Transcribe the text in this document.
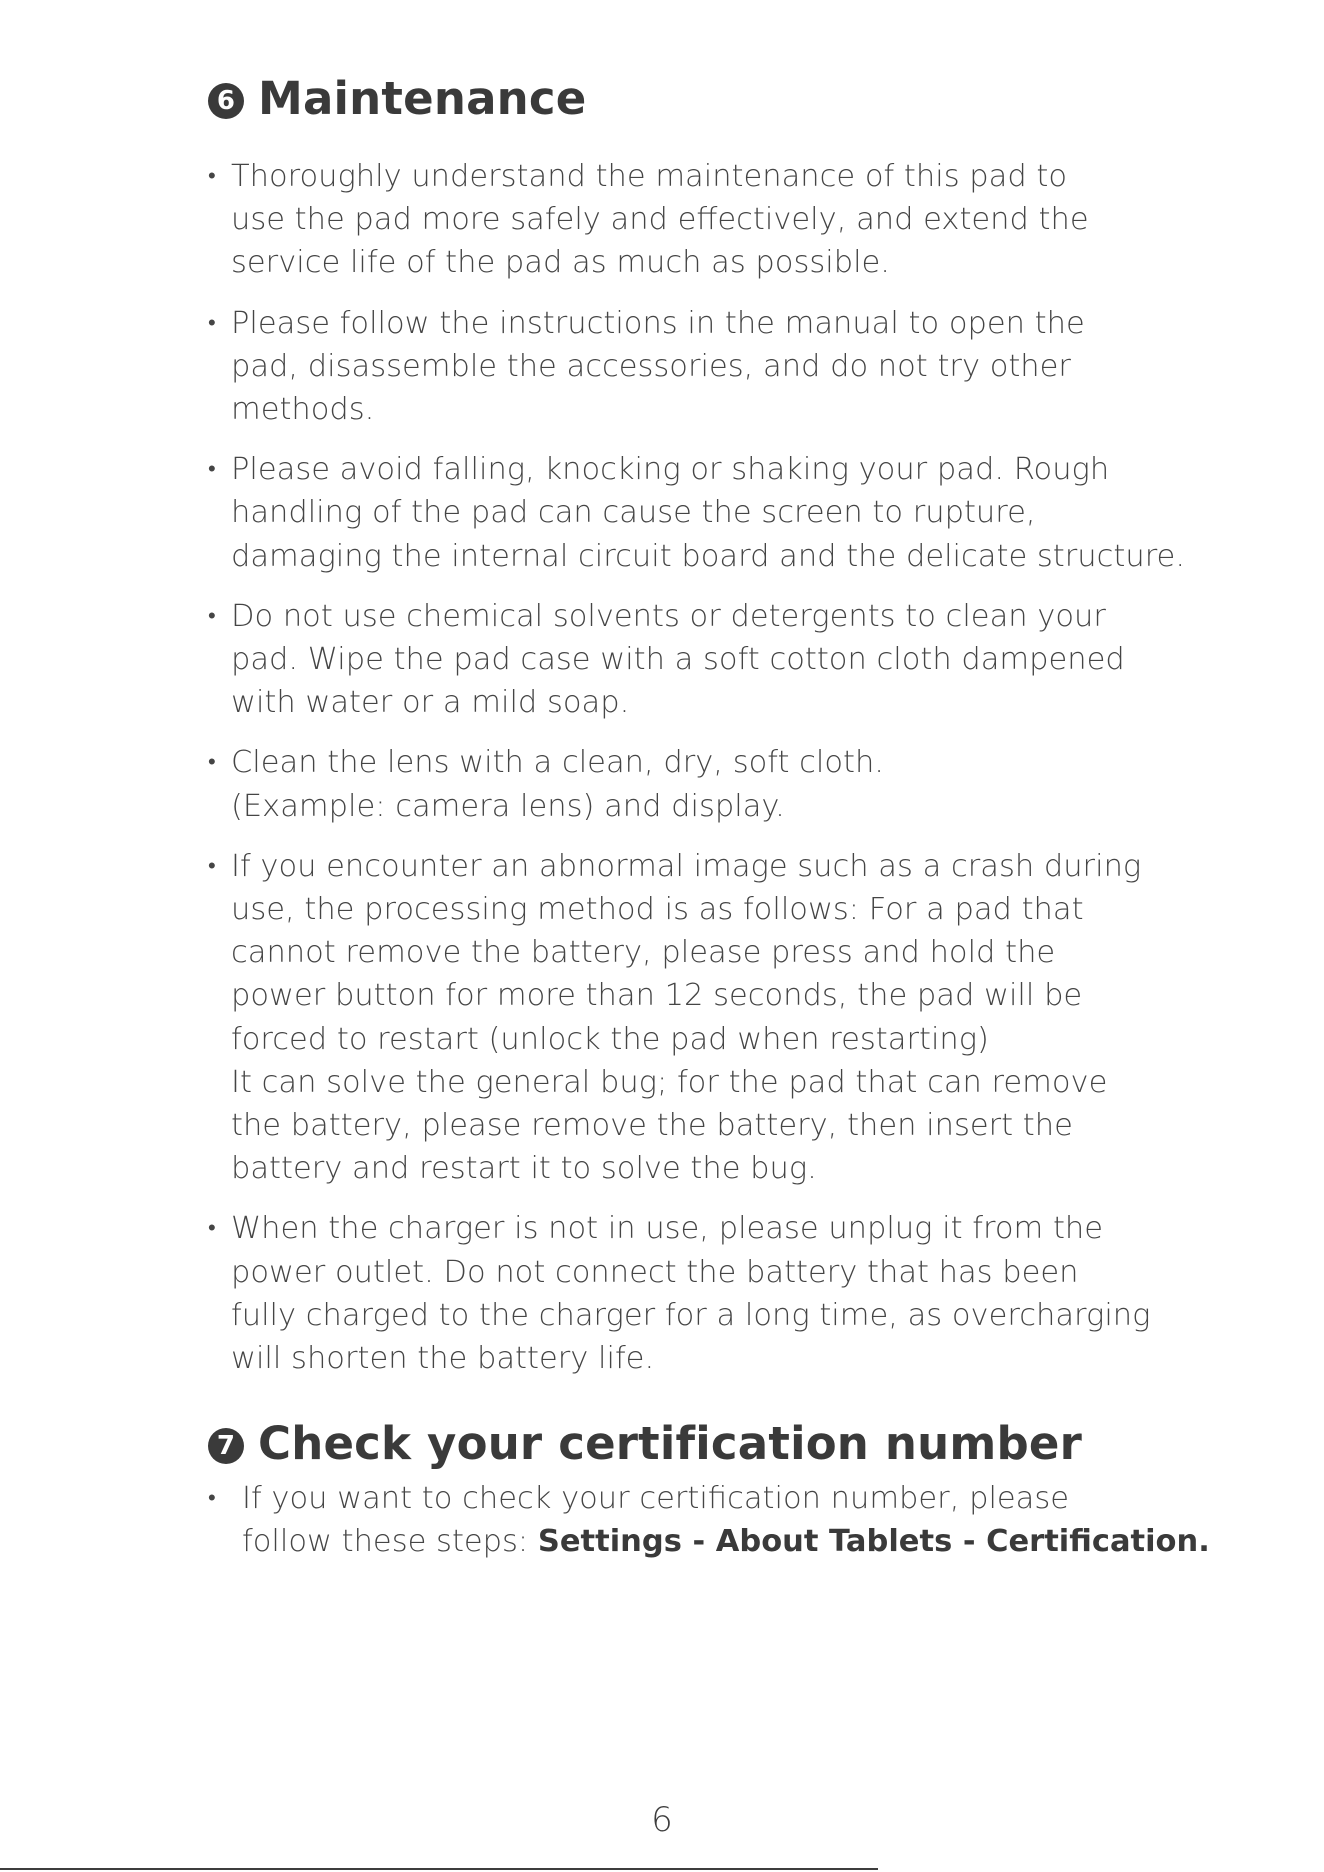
6 Maintenance
• Thoroughly understand the maintenance of this pad to
use the pad more safely and effectively, and extend the
service life of the pad as much as possible.
• Please follow the instructions in the manual to open the
pad, disassemble the accessories, and do not try other
methods.
• Please avoid falling, knocking or shaking your pad. Rough
handling of the pad can cause the screen to rupture,
damaging the internal circuit board and the delicate structure.
• Do not use chemical solvents or detergents to clean your
pad. Wipe the pad case with a soft cotton cloth dampened
with water or a mild soap.
• Clean the lens with a clean, dry, soft cloth.
(Example: camera lens) and display.
• If you encounter an abnormal image such as a crash during
use, the processing method is as follows: For a pad that
cannot remove the battery, please press and hold the
power button for more than 12 seconds, the pad will be
forced to restart (unlock the pad when restarting)
It can solve the general bug; for the pad that can remove
the battery, please remove the battery, then insert the
battery and restart it to solve the bug.
• When the charger is not in use, please unplug it from the
power outlet. Do not connect the battery that has been
fully charged to the charger for a long time, as overcharging
will shorten the battery life.
7 Check your certification number
• If you want to check your certification number, please
follow these steps: Settings - About Tablets - Certification.
6
